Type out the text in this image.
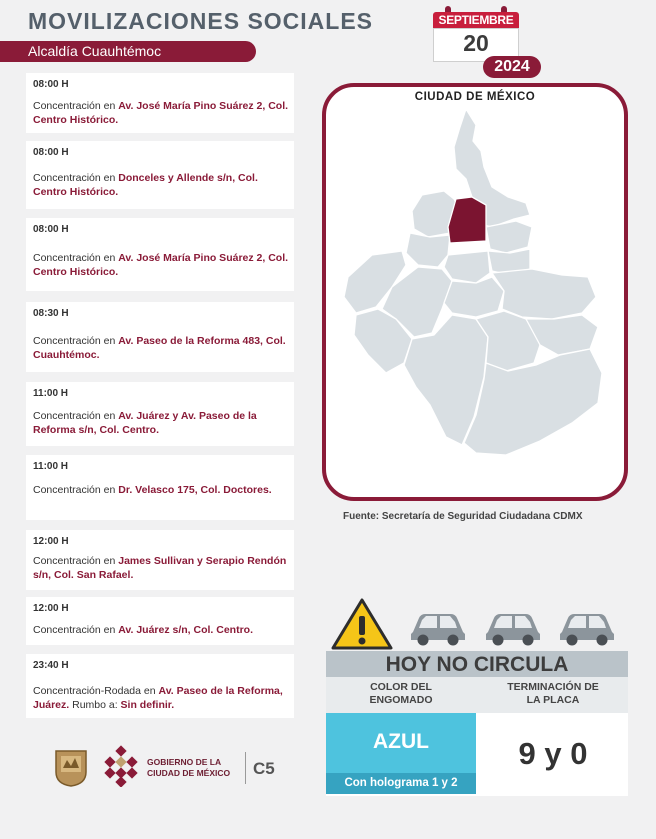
MOVILIZACIONES SOCIALES
Alcaldía Cuauhtémoc
SEPTIEMBRE
20
2024
08:00 H
Concentración en Av. José María Pino Suárez 2, Col. Centro Histórico.
08:00 H
Concentración en Donceles y Allende s/n, Col. Centro Histórico.
08:00 H
Concentración en Av. José María Pino Suárez 2, Col. Centro Histórico.
08:30 H
Concentración en Av. Paseo de la Reforma 483, Col. Cuauhtémoc.
11:00 H
Concentración en Av. Juárez y Av. Paseo de la Reforma s/n, Col. Centro.
11:00 H
Concentración en Dr. Velasco 175, Col. Doctores.
12:00 H
Concentración en James Sullivan y Serapio Rendón s/n, Col. San Rafael.
12:00 H
Concentración en Av. Juárez s/n, Col. Centro.
23:40 H
Concentración-Rodada en Av. Paseo de la Reforma, Juárez. Rumbo a: Sin definir.
CIUDAD DE MÉXICO
Fuente: Secretaría de Seguridad Ciudadana CDMX
HOY NO CIRCULA
COLOR DEL
ENGOMADO
TERMINACIÓN DE
LA PLACA
AZUL
Con holograma 1 y 2
9 y 0
GOBIERNO DE LA
CIUDAD DE MÉXICO C5
